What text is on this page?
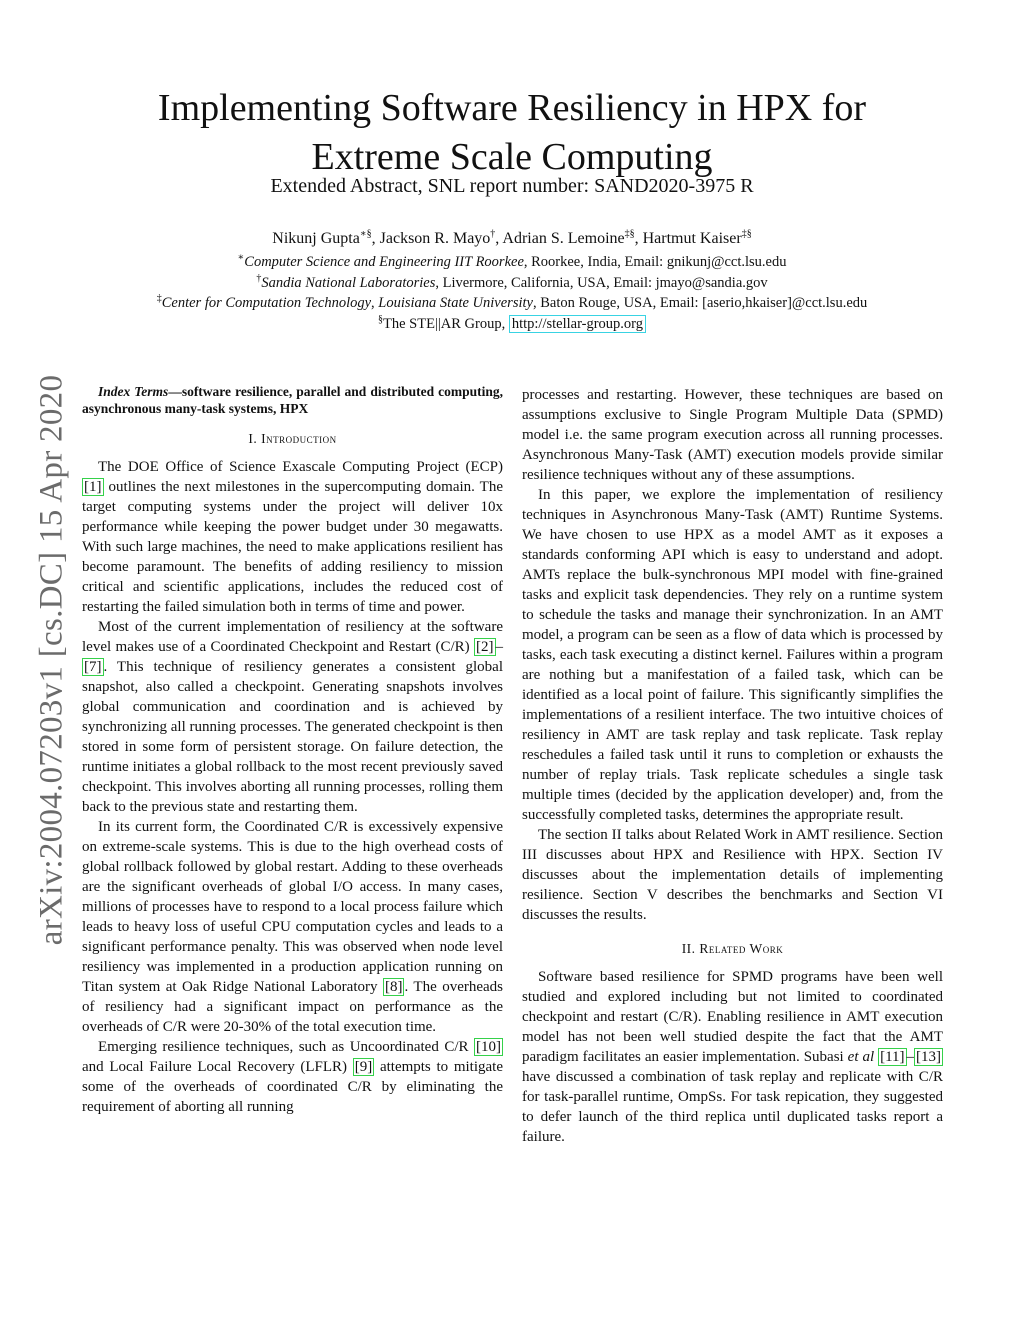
arXiv:2004.07203v1 [cs.DC] 15 Apr 2020
Implementing Software Resiliency in HPX for
Extreme Scale Computing
Extended Abstract, SNL report number: SAND2020-3975 R
Nikunj Gupta∗§, Jackson R. Mayo†, Adrian S. Lemoine‡§, Hartmut Kaiser‡§
∗Computer Science and Engineering IIT Roorkee, Roorkee, India, Email: gnikunj@cct.lsu.edu
†Sandia National Laboratories, Livermore, California, USA, Email: jmayo@sandia.gov
‡Center for Computation Technology, Louisiana State University, Baton Rouge, USA, Email: [aserio,hkaiser]@cct.lsu.edu
§The STE||AR Group, http://stellar-group.org
Index Terms—software resilience, parallel and distributed computing, asynchronous many-task systems, HPX
I. Introduction

The DOE Office of Science Exascale Computing Project (ECP) [1] outlines the next milestones in the supercomputing domain. The target computing systems under the project will deliver 10x performance while keeping the power budget under 30 megawatts. With such large machines, the need to make applications resilient has become paramount. The benefits of adding resiliency to mission critical and scientific applications, includes the reduced cost of restarting the failed simulation both in terms of time and power.

Most of the current implementation of resiliency at the software level makes use of a Coordinated Checkpoint and Restart (C/R) [2] –[7] . This technique of resiliency generates a consistent global snapshot, also called a checkpoint. Generating snapshots involves global communication and coordination and is achieved by synchronizing all running processes. The generated checkpoint is then stored in some form of persistent storage. On failure detection, the runtime initiates a global rollback to the most recent previously saved checkpoint. This involves aborting all running processes, rolling them back to the previous state and restarting them.

In its current form, the Coordinated C/R is excessively expensive on extreme-scale systems. This is due to the high overhead costs of global rollback followed by global restart. Adding to these overheads are the significant overheads of global I/O access. In many cases, millions of processes have to respond to a local process failure which leads to heavy loss of useful CPU computation cycles and leads to a significant performance penalty. This was observed when node level resiliency was implemented in a production application running on Titan system at Oak Ridge National Laboratory [8] . The overheads of resiliency had a significant impact on performance as the overheads of C/R were 20-30% of the total execution time.

Emerging resilience techniques, such as Uncoordinated C/R [10] and Local Failure Local Recovery (LFLR) [9] attempts to mitigate some of the overheads of coordinated C/R by eliminating the requirement of aborting all running

processes and restarting. However, these techniques are based on assumptions exclusive to Single Program Multiple Data (SPMD) model i.e. the same program execution across all running processes. Asynchronous Many-Task (AMT) execution models provide similar resilience techniques without any of these assumptions.

In this paper, we explore the implementation of resiliency techniques in Asynchronous Many-Task (AMT) Runtime Systems. We have chosen to use HPX as a model AMT as it exposes a standards conforming API which is easy to understand and adopt. AMTs replace the bulk-synchronous MPI model with fine-grained tasks and explicit task dependencies. They rely on a runtime system to schedule the tasks and manage their synchronization. In an AMT model, a program can be seen as a flow of data which is processed by tasks, each task executing a distinct kernel. Failures within a program are nothing but a manifestation of a failed task, which can be identified as a local point of failure. This significantly simplifies the implementations of a resilient interface. The two intuitive choices of resiliency in AMT are task replay and task replicate. Task replay reschedules a failed task until it runs to completion or exhausts the number of replay trials. Task replicate schedules a single task multiple times (decided by the application developer) and, from the successfully completed tasks, determines the appropriate result.

The section II talks about Related Work in AMT resilience. Section III discusses about HPX and Resilience with HPX. Section IV discusses about the implementation details of implementing resilience. Section V describes the benchmarks and Section VI discusses the results.

II. Related Work

Software based resilience for SPMD programs have been well studied and explored including but not limited to coordinated checkpoint and restart (C/R). Enabling resilience in AMT execution model has not been well studied despite the fact that the AMT paradigm facilitates an easier implementation. Subasi et al [11] – [13] have discussed a combination of task replay and replicate with C/R for task-parallel runtime, OmpSs. For task repication, they suggested to defer launch of the third replica until duplicated tasks report a failure.
